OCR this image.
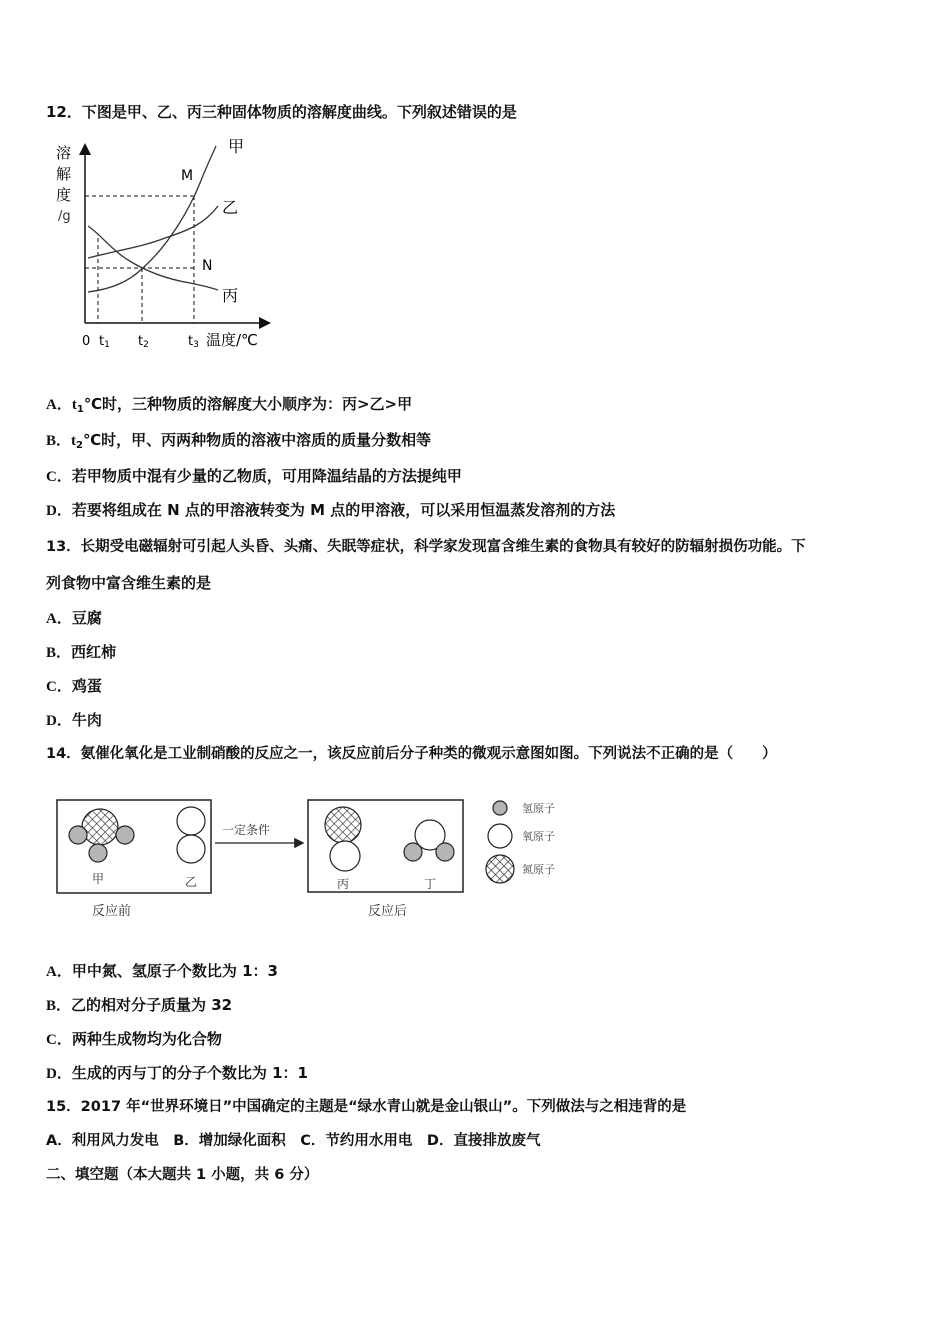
12．下图是甲、乙、丙三种固体物质的溶解度曲线。下列叙述错误的是
溶
解
度
/g
甲
乙
丙
M
N
0 t1 t2	t3 温度/℃
A．$t_1℃$时，三种物质的溶解度大小顺序为：丙>乙>甲
B．$t_2℃$时，甲、丙两种物质的溶液中溶质的质量分数相等
C．若甲物质中混有少量的乙物质，可用降温结晶的方法提纯甲
D．若要将组成在 N 点的甲溶液转变为 M 点的甲溶液，可以采用恒温蒸发溶剂的方法
13．长期受电磁辐射可引起人头昏、头痛、失眠等症状，科学家发现富含维生素的食物具有较好的防辐射损伤功能。下
列食物中富含维生素的是
A．豆腐
B．西红柿
C．鸡蛋
D．牛肉
14．氨催化氧化是工业制硝酸的反应之一，该反应前后分子种类的微观示意图如图。下列说法不正确的是（　　）
甲	乙
反应前
一定条件
丙	丁
反应后
氢原子
氧原子
氮原子
A．甲中氮、氢原子个数比为 1：3
B．乙的相对分子质量为 32
C．两种生成物均为化合物
D．生成的丙与丁的分子个数比为 1：1
15．2017 年“世界环境日”中国确定的主题是“绿水青山就是金山银山”。下列做法与之相违背的是
A．利用风力发电　B．增加绿化面积　C．节约用水用电　D．直接排放废气
二、填空题（本大题共 1 小题，共 6 分）
